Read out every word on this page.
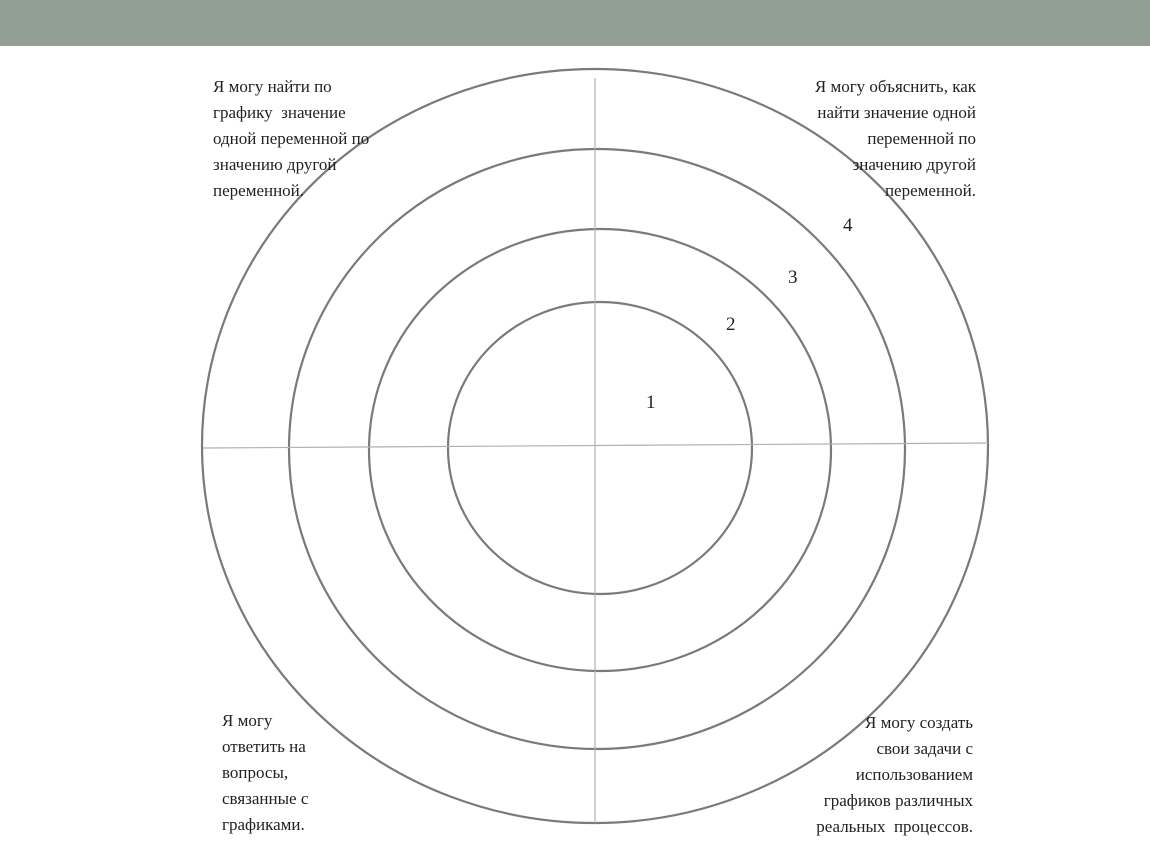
1
2
3
4

Я могу найти по
графику  значение
одной переменной по
значению другой
переменной.

Я могу объяснить, как
найти значение одной
переменной по
значению другой
переменной.

Я могу
ответить на
вопросы,
связанные с
графиками.

Я могу создать
свои задачи с
использованием
графиков различных
реальных  процессов.
